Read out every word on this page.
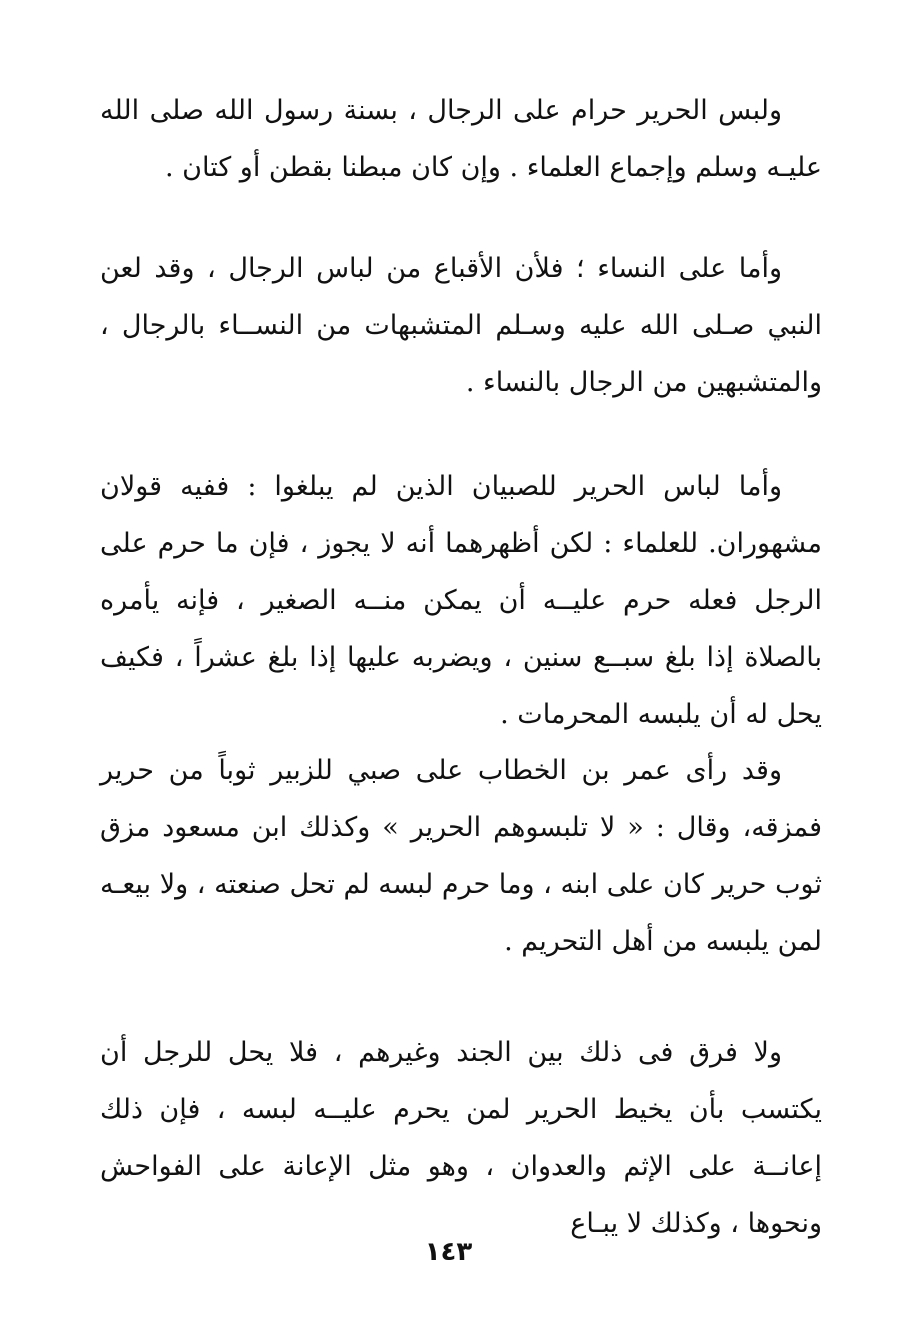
ولبس الحرير حرام على الرجال ، بسنة رسول الله صلى الله عليـه وسلم وإجماع العلماء . وإن كان مبطنا بقطن أو كتان .

وأما على النساء ؛ فلأن الأقباع من لباس الرجال ، وقد لعن النبي صـلى الله عليه وسـلم المتشبهات من النســاء بالرجال ، والمتشبهين من الرجال بالنساء .

وأما لباس الحرير للصبيان الذين لم يبلغوا : ففيه قولان مشهوران. للعلماء : لكن أظهرهما أنه لا يجوز ، فإن ما حرم على الرجل فعله حرم عليــه أن يمكن منــه الصغير ، فإنه يأمره بالصلاة إذا بلغ سبــع سنين ، ويضربه عليها إذا بلغ عشراً ، فكيف يحل له أن يلبسه المحرمات .

وقد رأى عمر بن الخطاب على صبي للزبير ثوباً من حرير فمزقه، وقال : « لا تلبسوهم الحرير » وكذلك ابن مسعود مزق ثوب حرير كان على ابنه ، وما حرم لبسه لم تحل صنعته ، ولا بيعـه لمن يلبسه من أهل التحريم .

ولا فرق فى ذلك بين الجند وغيرهم ، فلا يحل للرجل أن يكتسب بأن يخيط الحرير لمن يحرم عليــه لبسه ، فإن ذلك إعانــة على الإثم والعدوان ، وهو مثل الإعانة على الفواحش ونحوها ، وكذلك لا يبـاع

١٤٣
